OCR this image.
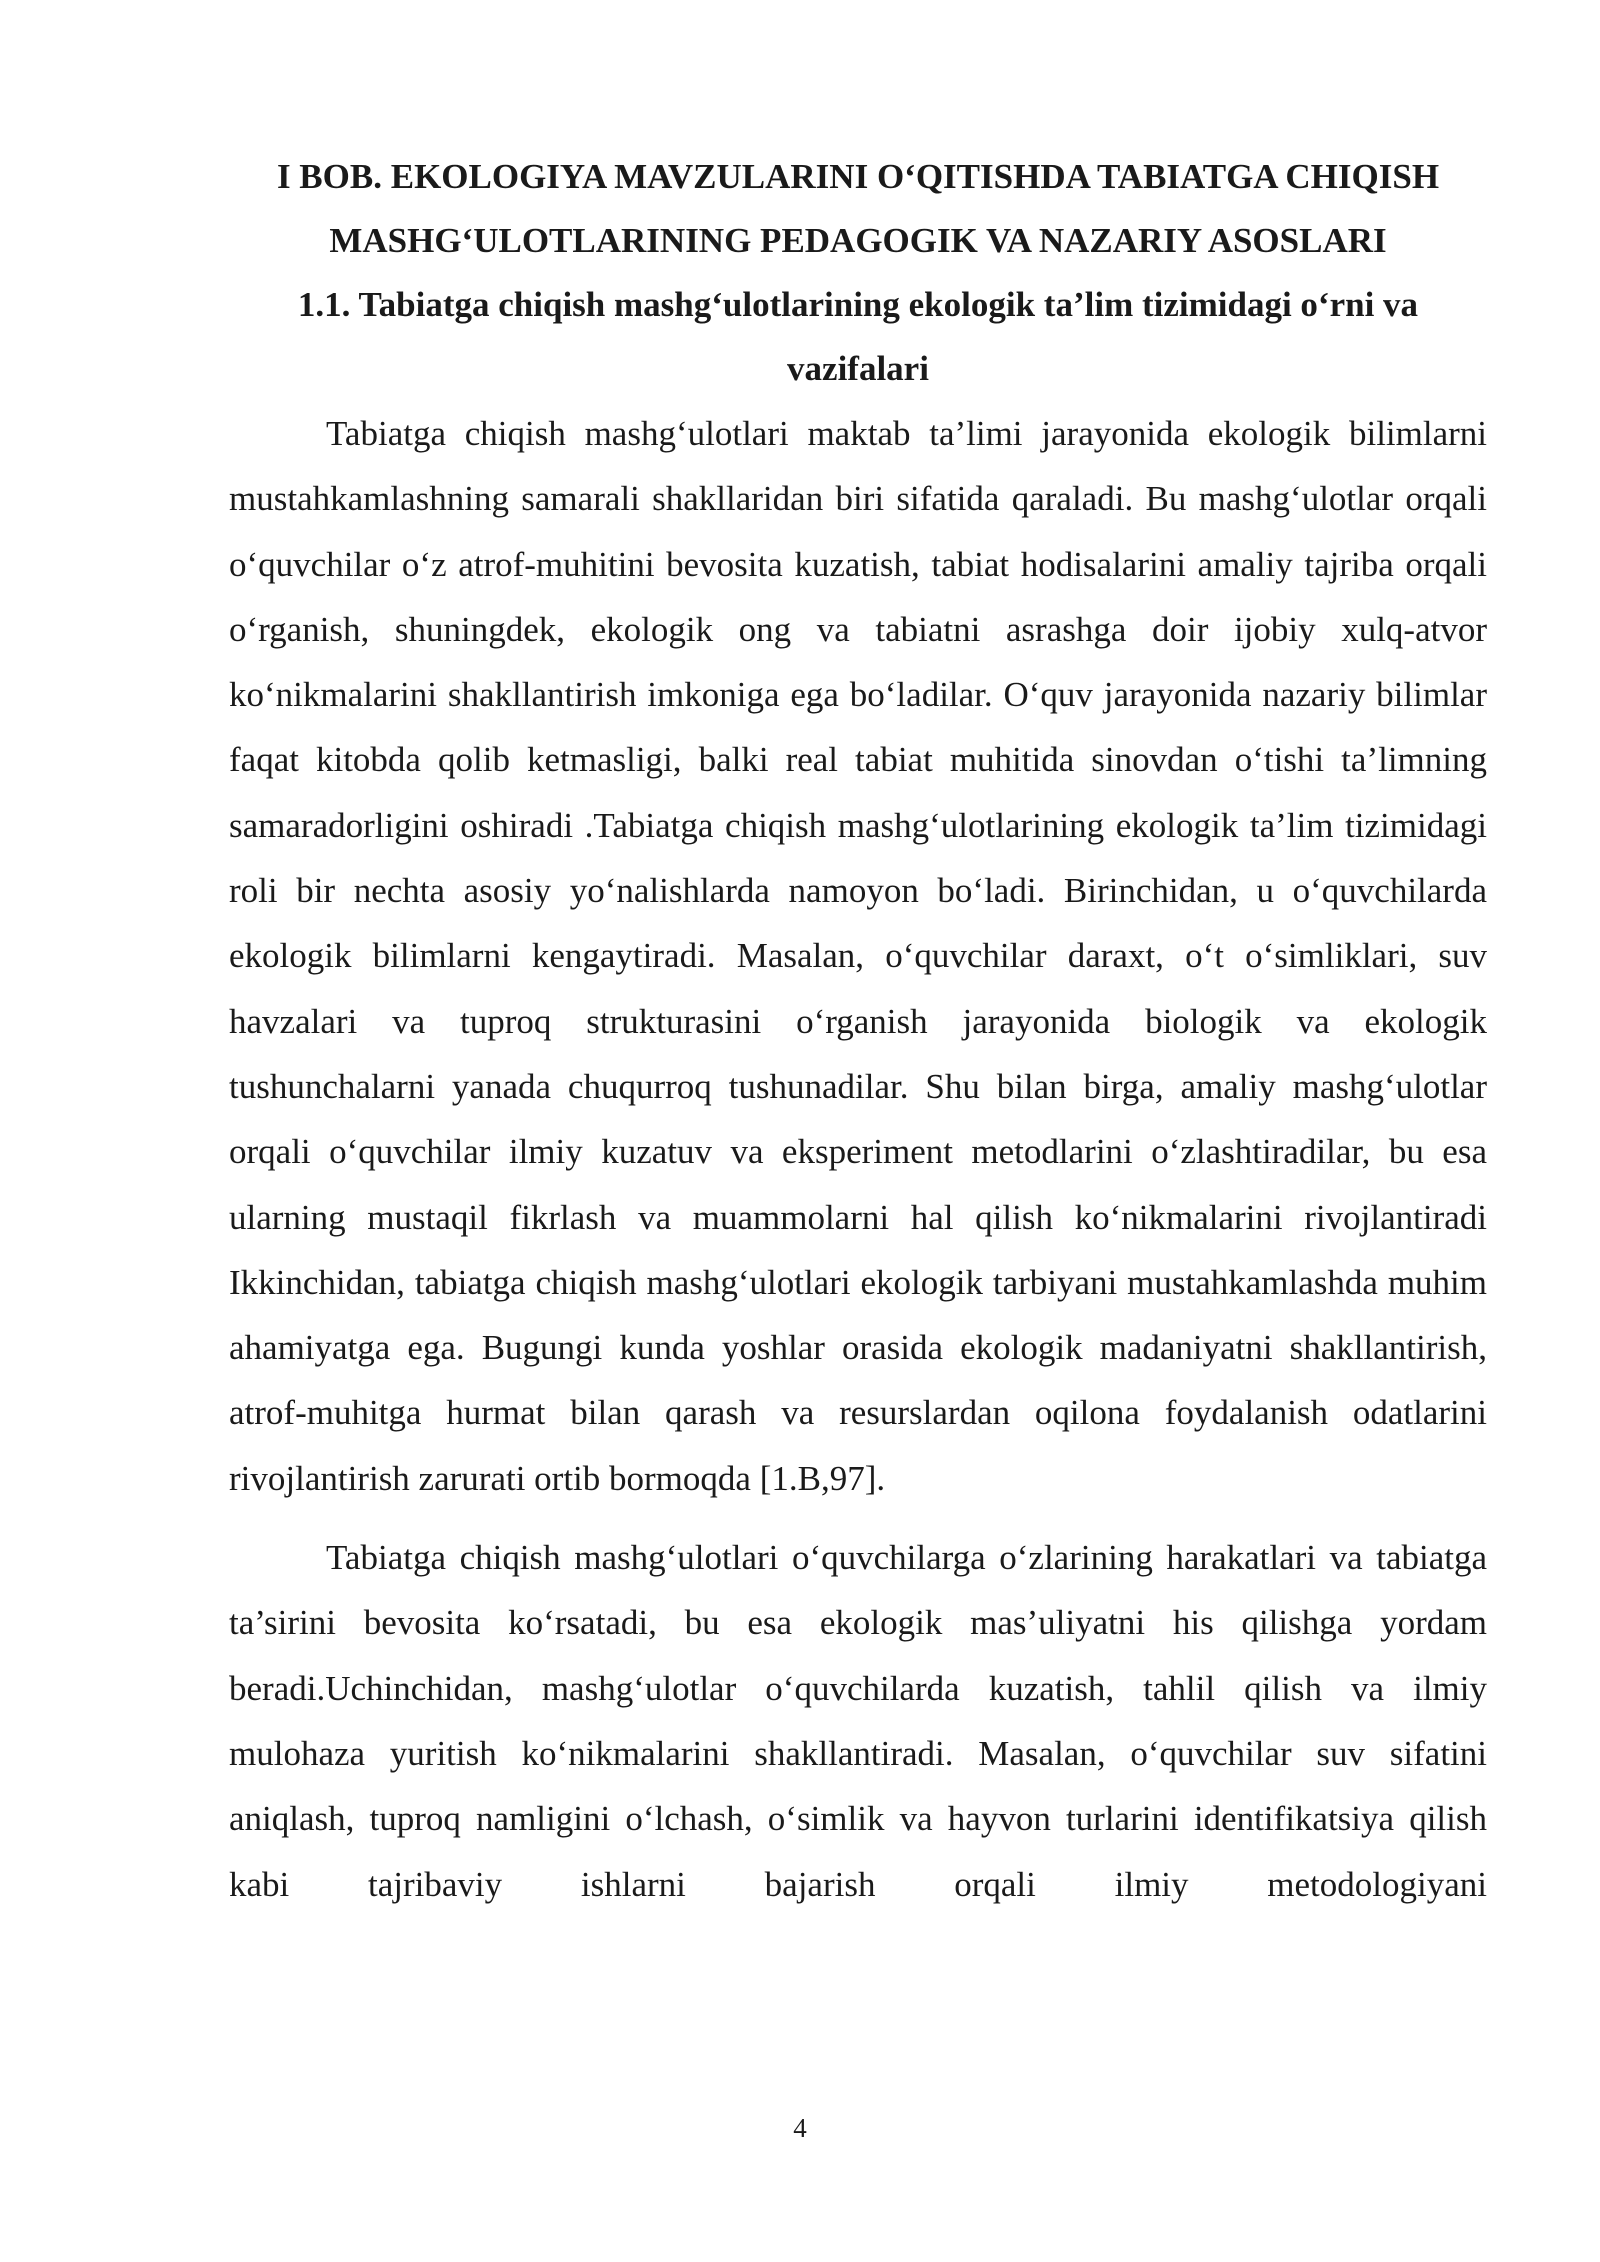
I BOB. EKOLOGIYA MAVZULARINI O‘QITISHDA TABIATGA CHIQISH MASHG‘ULOTLARINING PEDAGOGIK VA NAZARIY ASOSLARI
1.1. Tabiatga chiqish mashg‘ulotlarining ekologik ta’lim tizimidagi o‘rni va vazifalari

Tabiatga chiqish mashg‘ulotlari maktab ta’limi jarayonida ekologik bilimlarni mustahkamlashning samarali shakllaridan biri sifatida qaraladi. Bu mashg‘ulotlar orqali o‘quvchilar o‘z atrof-muhitini bevosita kuzatish, tabiat hodisalarini amaliy tajriba orqali o‘rganish, shuningdek, ekologik ong va tabiatni asrashga doir ijobiy xulq-atvor ko‘nikmalarini shakllantirish imkoniga ega bo‘ladilar. O‘quv jarayonida nazariy bilimlar faqat kitobda qolib ketmasligi, balki real tabiat muhitida sinovdan o‘tishi ta’limning samaradorligini oshiradi .Tabiatga chiqish mashg‘ulotlarining ekologik ta’lim tizimidagi roli bir nechta asosiy yo‘nalishlarda namoyon bo‘ladi. Birinchidan, u o‘quvchilarda ekologik bilimlarni kengaytiradi. Masalan, o‘quvchilar daraxt, o‘t o‘simliklari, suv havzalari va tuproq strukturasini o‘rganish jarayonida biologik va ekologik tushunchalarni yanada chuqurroq tushunadilar. Shu bilan birga, amaliy mashg‘ulotlar orqali o‘quvchilar ilmiy kuzatuv va eksperiment metodlarini o‘zlashtiradilar, bu esa ularning mustaqil fikrlash va muammolarni hal qilish ko‘nikmalarini rivojlantiradi Ikkinchidan, tabiatga chiqish mashg‘ulotlari ekologik tarbiyani mustahkamlashda muhim ahamiyatga ega. Bugungi kunda yoshlar orasida ekologik madaniyatni shakllantirish, atrof-muhitga hurmat bilan qarash va resurslardan oqilona foydalanish odatlarini rivojlantirish zarurati ortib bormoqda [1.B,97].

Tabiatga chiqish mashg‘ulotlari o‘quvchilarga o‘zlarining harakatlari va tabiatga ta’sirini bevosita ko‘rsatadi, bu esa ekologik mas’uliyatni his qilishga yordam beradi.Uchinchidan, mashg‘ulotlar o‘quvchilarda kuzatish, tahlil qilish va ilmiy mulohaza yuritish ko‘nikmalarini shakllantiradi. Masalan, o‘quvchilar suv sifatini aniqlash, tuproq namligini o‘lchash, o‘simlik va hayvon turlarini identifikatsiya qilish kabi tajribaviy ishlarni bajarish orqali ilmiy metodologiyani

4
